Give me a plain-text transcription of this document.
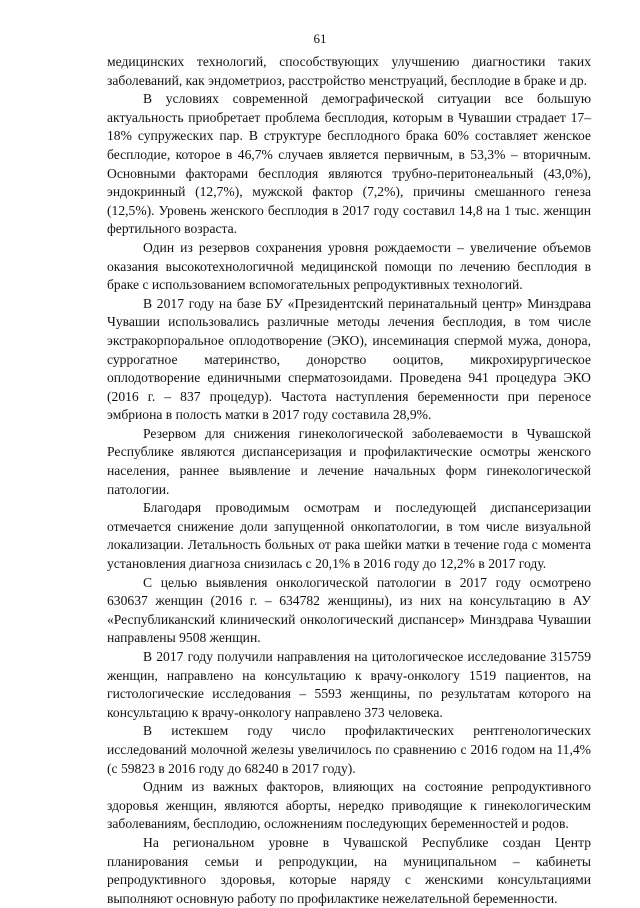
61

медицинских технологий, способствующих улучшению диагностики таких заболеваний, как эндометриоз, расстройство менструаций, бесплодие в браке и др.

В условиях современной демографической ситуации все большую актуальность приобретает проблема бесплодия, которым в Чувашии страдает 17–18% супружеских пар. В структуре бесплодного брака 60% составляет женское бесплодие, которое в 46,7% случаев является первичным, в 53,3% – вторичным. Основными факторами бесплодия являются трубно-перитонеальный (43,0%), эндокринный (12,7%), мужской фактор (7,2%), причины смешанного генеза (12,5%). Уровень женского бесплодия в 2017 году составил 14,8 на 1 тыс. женщин фертильного возраста.

Один из резервов сохранения уровня рождаемости – увеличение объемов оказания высокотехнологичной медицинской помощи по лечению бесплодия в браке с использованием вспомогательных репродуктивных технологий.

В 2017 году на базе БУ «Президентский перинатальный центр» Минздрава Чувашии использовались различные методы лечения бесплодия, в том числе экстракорпоральное оплодотворение (ЭКО), инсеминация спермой мужа, донора, суррогатное материнство, донорство ооцитов, микрохирургическое оплодотворение единичными сперматозоидами. Проведена 941 процедура ЭКО (2016 г. – 837 процедур). Частота наступления беременности при переносе эмбриона в полость матки в 2017 году составила 28,9%.

Резервом для снижения гинекологической заболеваемости в Чувашской Республике являются диспансеризация и профилактические осмотры женского населения, раннее выявление и лечение начальных форм гинекологической патологии.

Благодаря проводимым осмотрам и последующей диспансеризации отмечается снижение доли запущенной онкопатологии, в том числе визуальной локализации. Летальность больных от рака шейки матки в течение года с момента установления диагноза снизилась с 20,1% в 2016 году до 12,2% в 2017 году.

С целью выявления онкологической патологии в 2017 году осмотрено 630637 женщин (2016 г. – 634782 женщины), из них на консультацию в АУ «Республиканский клинический онкологический диспансер» Минздрава Чувашии направлены 9508 женщин.

В 2017 году получили направления на цитологическое исследование 315759 женщин, направлено на консультацию к врачу-онкологу 1519 пациентов, на гистологические исследования – 5593 женщины, по результатам которого на консультацию к врачу-онкологу направлено 373 человека.

В истекшем году число профилактических рентгенологических исследований молочной железы увеличилось по сравнению с 2016 годом на 11,4% (с 59823 в 2016 году до 68240 в 2017 году).

Одним из важных факторов, влияющих на состояние репродуктивного здоровья женщин, являются аборты, нередко приводящие к гинекологическим заболеваниям, бесплодию, осложнениям последующих беременностей и родов.

На региональном уровне в Чувашской Республике создан Центр планирования семьи и репродукции, на муниципальном – кабинеты репродуктивного здоровья, которые наряду с женскими консультациями выполняют основную работу по профилактике нежелательной беременности.
